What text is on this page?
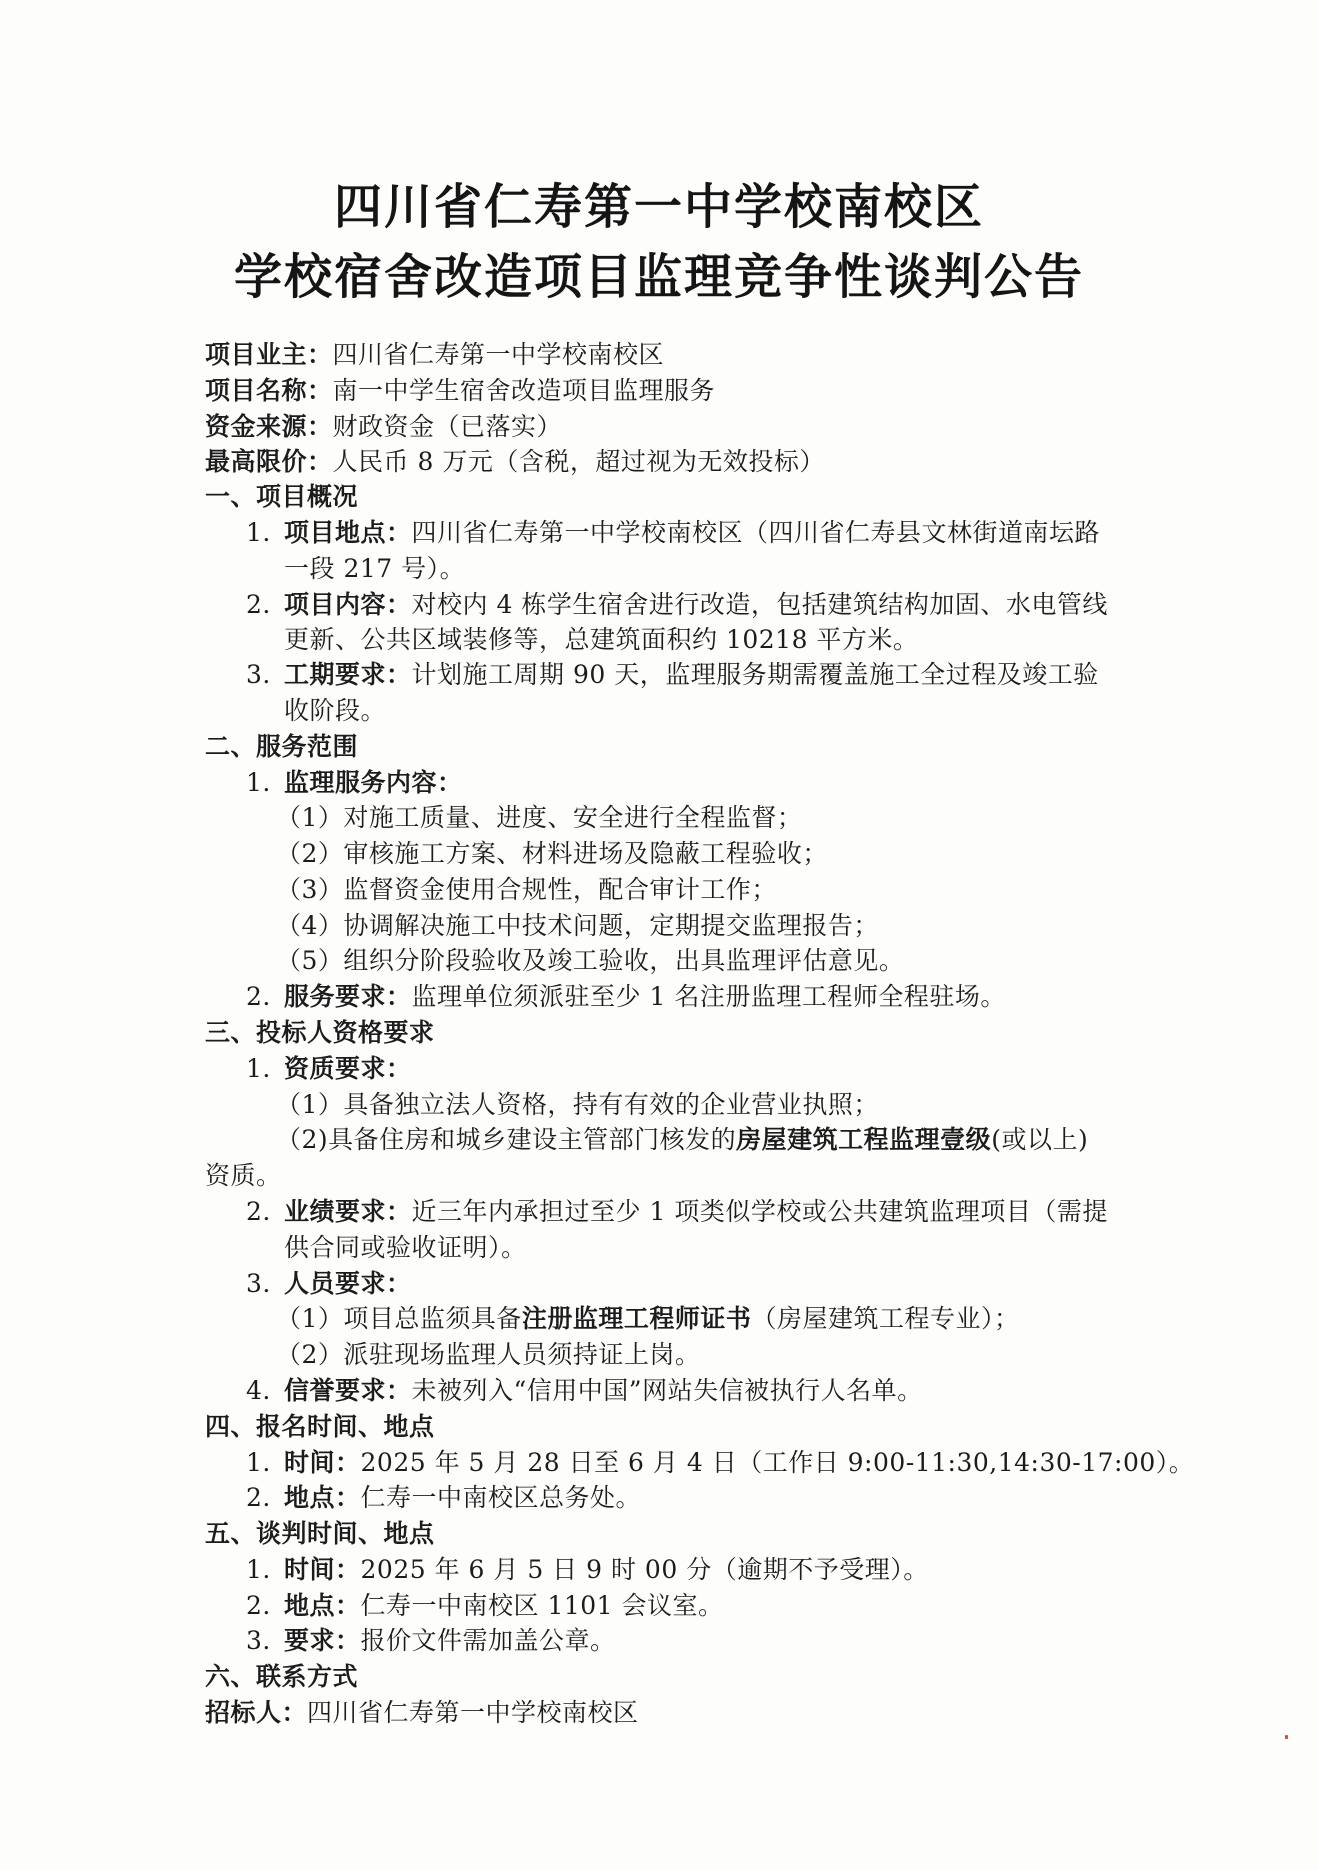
四川省仁寿第一中学校南校区
学校宿舍改造项目监理竞争性谈判公告
项目业主：四川省仁寿第一中学校南校区
项目名称：南一中学生宿舍改造项目监理服务
资金来源：财政资金（已落实）
最高限价：人民币 8 万元（含税，超过视为无效投标）
一、项目概况
1. 项目地点：四川省仁寿第一中学校南校区（四川省仁寿县文林街道南坛路
一段 217 号）。
2. 项目内容：对校内 4 栋学生宿舍进行改造，包括建筑结构加固、水电管线
更新、公共区域装修等，总建筑面积约 10218 平方米。
3. 工期要求：计划施工周期 90 天，监理服务期需覆盖施工全过程及竣工验
收阶段。
二、服务范围
1. 监理服务内容：
（1）对施工质量、进度、安全进行全程监督；
（2）审核施工方案、材料进场及隐蔽工程验收；
（3）监督资金使用合规性，配合审计工作；
（4）协调解决施工中技术问题，定期提交监理报告；
（5）组织分阶段验收及竣工验收，出具监理评估意见。
2. 服务要求：监理单位须派驻至少 1 名注册监理工程师全程驻场。
三、投标人资格要求
1. 资质要求：
（1）具备独立法人资格，持有有效的企业营业执照；
（2)具备住房和城乡建设主管部门核发的房屋建筑工程监理壹级(或以上)
资质。
2. 业绩要求：近三年内承担过至少 1 项类似学校或公共建筑监理项目（需提
供合同或验收证明）。
3. 人员要求：
（1）项目总监须具备注册监理工程师证书（房屋建筑工程专业）；
（2）派驻现场监理人员须持证上岗。
4. 信誉要求：未被列入“信用中国”网站失信被执行人名单。
四、报名时间、地点
1. 时间：2025 年 5 月 28 日至 6 月 4 日（工作日 9:00-11:30,14:30-17:00）。
2. 地点：仁寿一中南校区总务处。
五、谈判时间、地点
1. 时间：2025 年 6 月 5 日 9 时 00 分（逾期不予受理）。
2. 地点：仁寿一中南校区 1101 会议室。
3. 要求：报价文件需加盖公章。
六、联系方式
招标人：四川省仁寿第一中学校南校区
